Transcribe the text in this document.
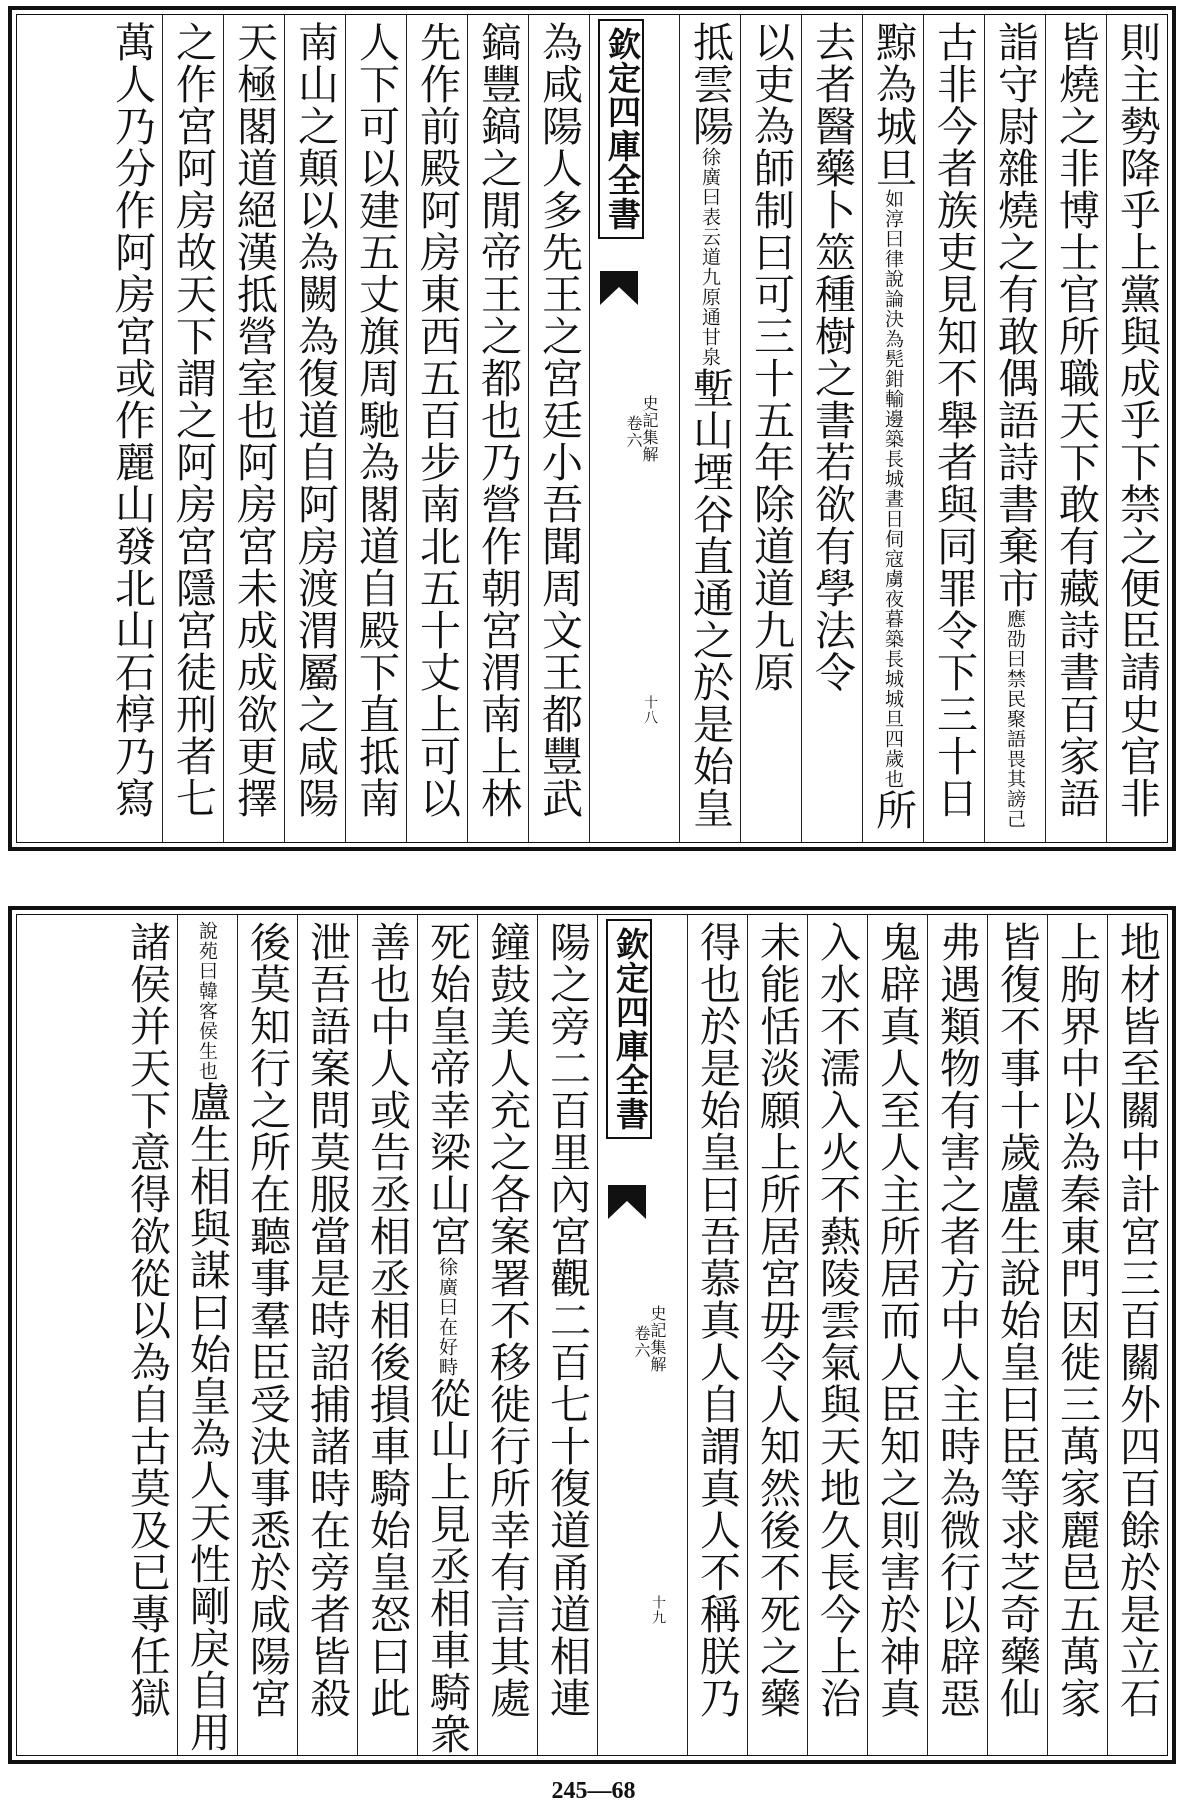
則主勢降乎上黨與成乎下禁之便臣請史官非
皆燒之非博士官所職天下敢有藏詩書百家語
詣守尉雜燒之有敢偶語詩書棄市應劭曰禁民聚語畏其謗己
古非今者族吏見知不舉者與同罪令下三十日
黥為城旦如淳曰律說論決為髡鉗輸邊築長城晝日伺寇虜夜暮築長城城旦四歲也所
去者醫藥卜筮種樹之書若欲有學法令
以吏為師制曰可三十五年除道道九原
抵雲陽徐廣曰表云道九原通甘泉塹山堙谷直通之於是始皇
欽定四庫全書
史記集解
卷六
十八
為咸陽人多先王之宮廷小吾聞周文王都豐武
鎬豐鎬之閒帝王之都也乃營作朝宮渭南上林
先作前殿阿房東西五百步南北五十丈上可以
人下可以建五丈旗周馳為閣道自殿下直抵南
南山之顛以為闕為復道自阿房渡渭屬之咸陽
天極閣道絕漢抵營室也阿房宮未成成欲更擇
之作宮阿房故天下謂之阿房宮隱宮徒刑者七
萬人乃分作阿房宮或作麗山發北山石椁乃寫
地材皆至關中計宮三百關外四百餘於是立石
上朐界中以為秦東門因徙三萬家麗邑五萬家
皆復不事十歲盧生說始皇曰臣等求芝奇藥仙
弗遇類物有害之者方中人主時為微行以辟惡
鬼辟真人至人主所居而人臣知之則害於神真
入水不濡入火不爇陵雲氣與天地久長今上治
未能恬淡願上所居宮毋令人知然後不死之藥
得也於是始皇曰吾慕真人自謂真人不稱朕乃
欽定四庫全書
史記集解
卷六
十九
陽之旁二百里內宮觀二百七十復道甬道相連
鐘鼓美人充之各案署不移徙行所幸有言其處
死始皇帝幸梁山宮徐廣曰在好畤從山上見丞相車騎衆
善也中人或告丞相丞相後損車騎始皇怒曰此
泄吾語案問莫服當是時詔捕諸時在旁者皆殺
後莫知行之所在聽事羣臣受決事悉於咸陽宮
說苑曰韓客侯生也盧生相與謀曰始皇為人天性剛戾自用
諸侯并天下意得欲從以為自古莫及已專任獄
245—68
